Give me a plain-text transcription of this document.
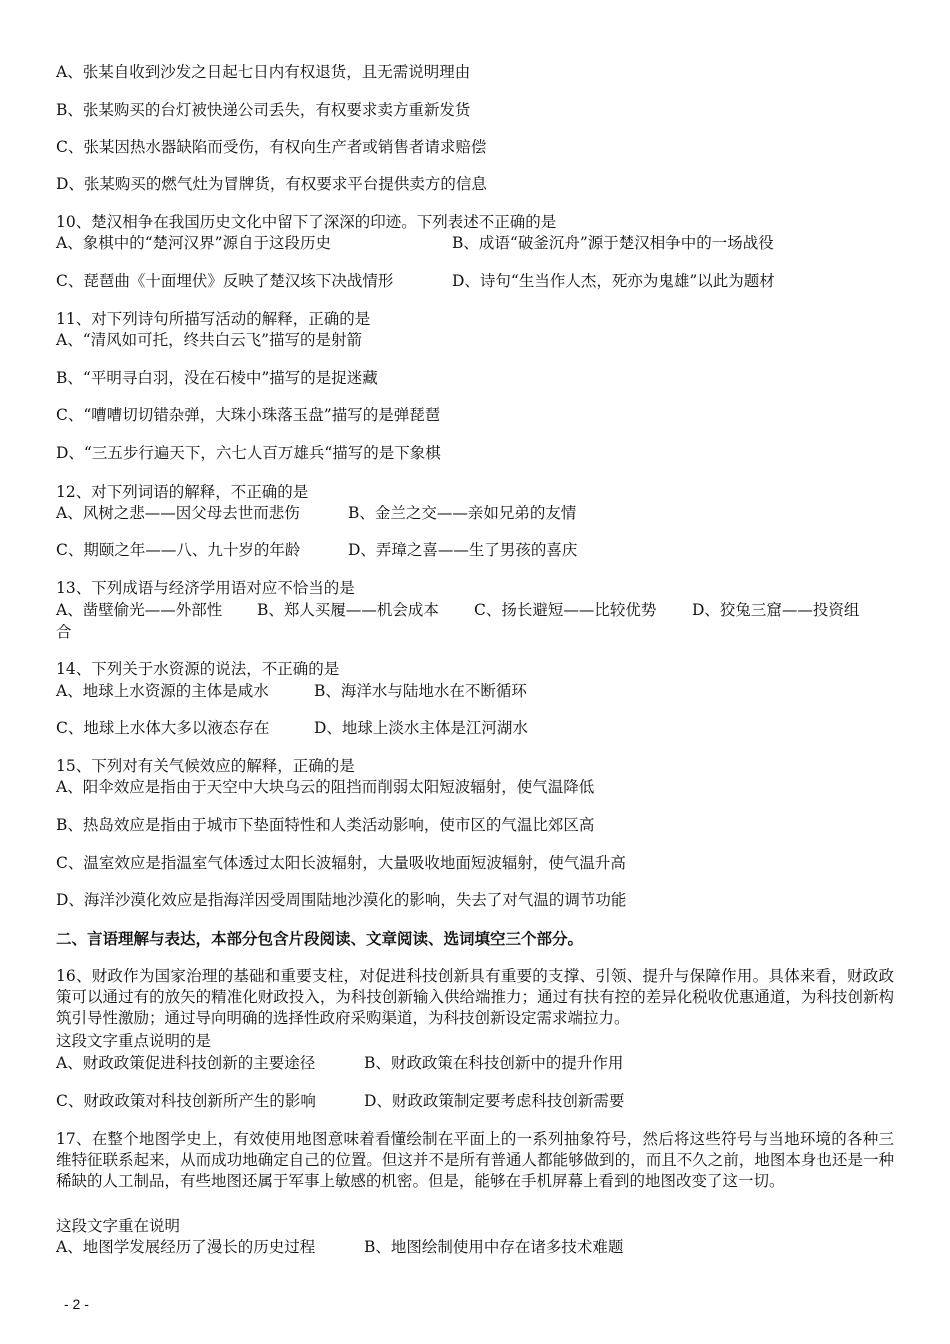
A、张某自收到沙发之日起七日内有权退货，且无需说明理由
B、张某购买的台灯被快递公司丢失，有权要求卖方重新发货
C、张某因热水器缺陷而受伤，有权向生产者或销售者请求赔偿
D、张某购买的燃气灶为冒牌货，有权要求平台提供卖方的信息
10、楚汉相争在我国历史文化中留下了深深的印迹。下列表述不正确的是
A、象棋中的“楚河汉界”源自于这段历史	B、成语“破釜沉舟”源于楚汉相争中的一场战役
C、琵琶曲《十面埋伏》反映了楚汉垓下决战情形	D、诗句“生当作人杰，死亦为鬼雄”以此为题材
11、对下列诗句所描写活动的解释，正确的是
A、“清风如可托，终共白云飞”描写的是射箭
B、“平明寻白羽，没在石棱中”描写的是捉迷藏
C、“嘈嘈切切错杂弹，大珠小珠落玉盘”描写的是弹琵琶
D、“三五步行遍天下，六七人百万雄兵“描写的是下象棋
12、对下列词语的解释，不正确的是
A、风树之悲——因父母去世而悲伤	B、金兰之交——亲如兄弟的友情
C、期颐之年——八、九十岁的年龄	D、弄璋之喜——生了男孩的喜庆
13、下列成语与经济学用语对应不恰当的是
A、凿壁偷光——外部性 B、郑人买履——机会成本 C、扬长避短——比较优势 D、狡兔三窟——投资组
合
14、下列关于水资源的说法，不正确的是
A、地球上水资源的主体是咸水	B、海洋水与陆地水在不断循环
C、地球上水体大多以液态存在	D、地球上淡水主体是江河湖水
15、下列对有关气候效应的解释，正确的是
A、阳伞效应是指由于天空中大块乌云的阻挡而削弱太阳短波辐射，使气温降低
B、热岛效应是指由于城市下垫面特性和人类活动影响，使市区的气温比郊区高
C、温室效应是指温室气体透过太阳长波辐射，大量吸收地面短波辐射，使气温升高
D、海洋沙漠化效应是指海洋因受周围陆地沙漠化的影响，失去了对气温的调节功能
二、言语理解与表达，本部分包含片段阅读、文章阅读、选词填空三个部分。
16、财政作为国家治理的基础和重要支柱，对促进科技创新具有重要的支撑、引领、提升与保障作用。具体来看，财政政策可以通过有的放矢的精准化财政投入，为科技创新输入供给端推力；通过有扶有控的差异化税收优惠通道，为科技创新构筑引导性激励；通过导向明确的选择性政府采购渠道，为科技创新设定需求端拉力。
这段文字重点说明的是
A、财政政策促进科技创新的主要途径	B、财政政策在科技创新中的提升作用
C、财政政策对科技创新所产生的影响	D、财政政策制定要考虑科技创新需要
17、在整个地图学史上，有效使用地图意味着看懂绘制在平面上的一系列抽象符号，然后将这些符号与当地环境的各种三维特征联系起来，从而成功地确定自己的位置。但这并不是所有普通人都能够做到的，而且不久之前，地图本身也还是一种稀缺的人工制品，有些地图还属于军事上敏感的机密。但是，能够在手机屏幕上看到的地图改变了这一切。
这段文字重在说明
A、地图学发展经历了漫长的历史过程	B、地图绘制使用中存在诸多技术难题
- 2 -
